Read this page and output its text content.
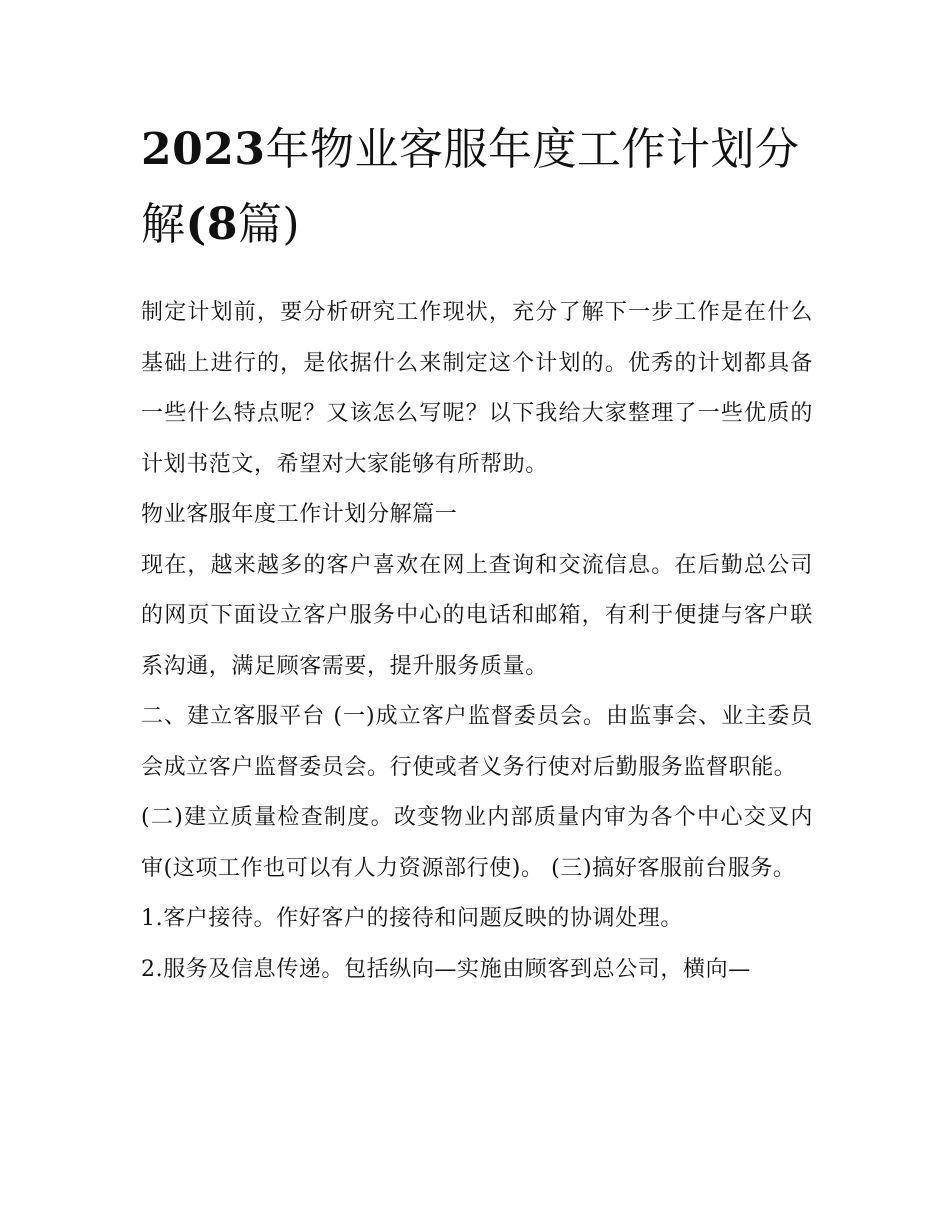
2023年物业客服年度工作计划分解(8篇)

制定计划前，要分析研究工作现状，充分了解下一步工作是在什么基础上进行的，是依据什么来制定这个计划的。优秀的计划都具备一些什么特点呢？又该怎么写呢？以下我给大家整理了一些优质的计划书范文，希望对大家能够有所帮助。

物业客服年度工作计划分解篇一

现在，越来越多的客户喜欢在网上查询和交流信息。在后勤总公司的网页下面设立客户服务中心的电话和邮箱，有利于便捷与客户联系沟通，满足顾客需要，提升服务质量。

二、建立客服平台 (一)成立客户监督委员会。由监事会、业主委员会成立客户监督委员会。行使或者义务行使对后勤服务监督职能。

(二)建立质量检查制度。改变物业内部质量内审为各个中心交叉内审(这项工作也可以有人力资源部行使)。 (三)搞好客服前台服务。

1.客户接待。作好客户的接待和问题反映的协调处理。

2.服务及信息传递。包括纵向—实施由顾客到总公司，横向—
